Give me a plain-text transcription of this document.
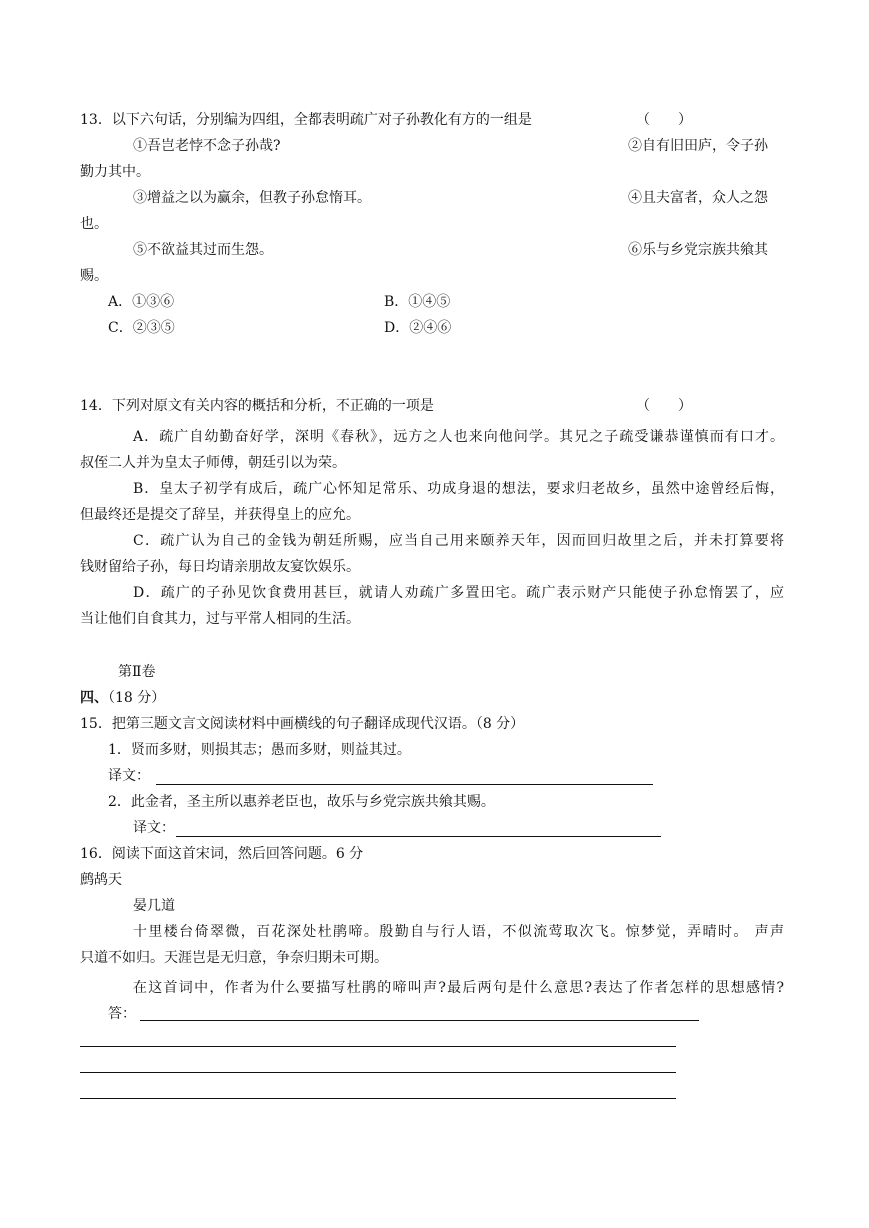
13．以下六句话，分别编为四组，全都表明疏广对子孙教化有方的一组是	（　　）
①吾岂老悖不念子孙哉?	②自有旧田庐，令子孙
勤力其中。
③增益之以为赢余，但教子孙怠惰耳。	④且夫富者，众人之怨
也。
⑤不欲益其过而生怨。	⑥乐与乡党宗族共飨其
赐。
A．①③⑥	B．①④⑤
C．②③⑤	D．②④⑥
14．下列对原文有关内容的概括和分析，不正确的一项是	（　　）
A．疏广自幼勤奋好学，深明《春秋》，远方之人也来向他问学。其兄之子疏受谦恭谨慎而有口才。
叔侄二人并为皇太子师傅，朝廷引以为荣。
B．皇太子初学有成后，疏广心怀知足常乐、功成身退的想法，要求归老故乡，虽然中途曾经后悔，
但最终还是提交了辞呈，并获得皇上的应允。
C．疏广认为自己的金钱为朝廷所赐，应当自己用来颐养天年，因而回归故里之后，并未打算要将
钱财留给子孙，每日均请亲朋故友宴饮娱乐。
D．疏广的子孙见饮食费用甚巨，就请人劝疏广多置田宅。疏广表示财产只能使子孙怠惰罢了，应
当让他们自食其力，过与平常人相同的生活。
第Ⅱ卷
四、（18 分）
15．把第三题文言文阅读材料中画横线的句子翻译成现代汉语。（8 分）
1．贤而多财，则损其志；愚而多财，则益其过。
译文：
2．此金者，圣主所以惠养老臣也，故乐与乡党宗族共飨其赐。
译文：
16．阅读下面这首宋词，然后回答问题。6 分
鹧鸪天
晏几道
十里楼台倚翠微，百花深处杜鹃啼。殷勤自与行人语，不似流莺取次飞。惊梦觉，弄晴时。 声声
只道不如归。天涯岂是无归意，争奈归期未可期。
在这首词中，作者为什么要描写杜鹃的啼叫声?最后两句是什么意思?表达了作者怎样的思想感情?
答：
